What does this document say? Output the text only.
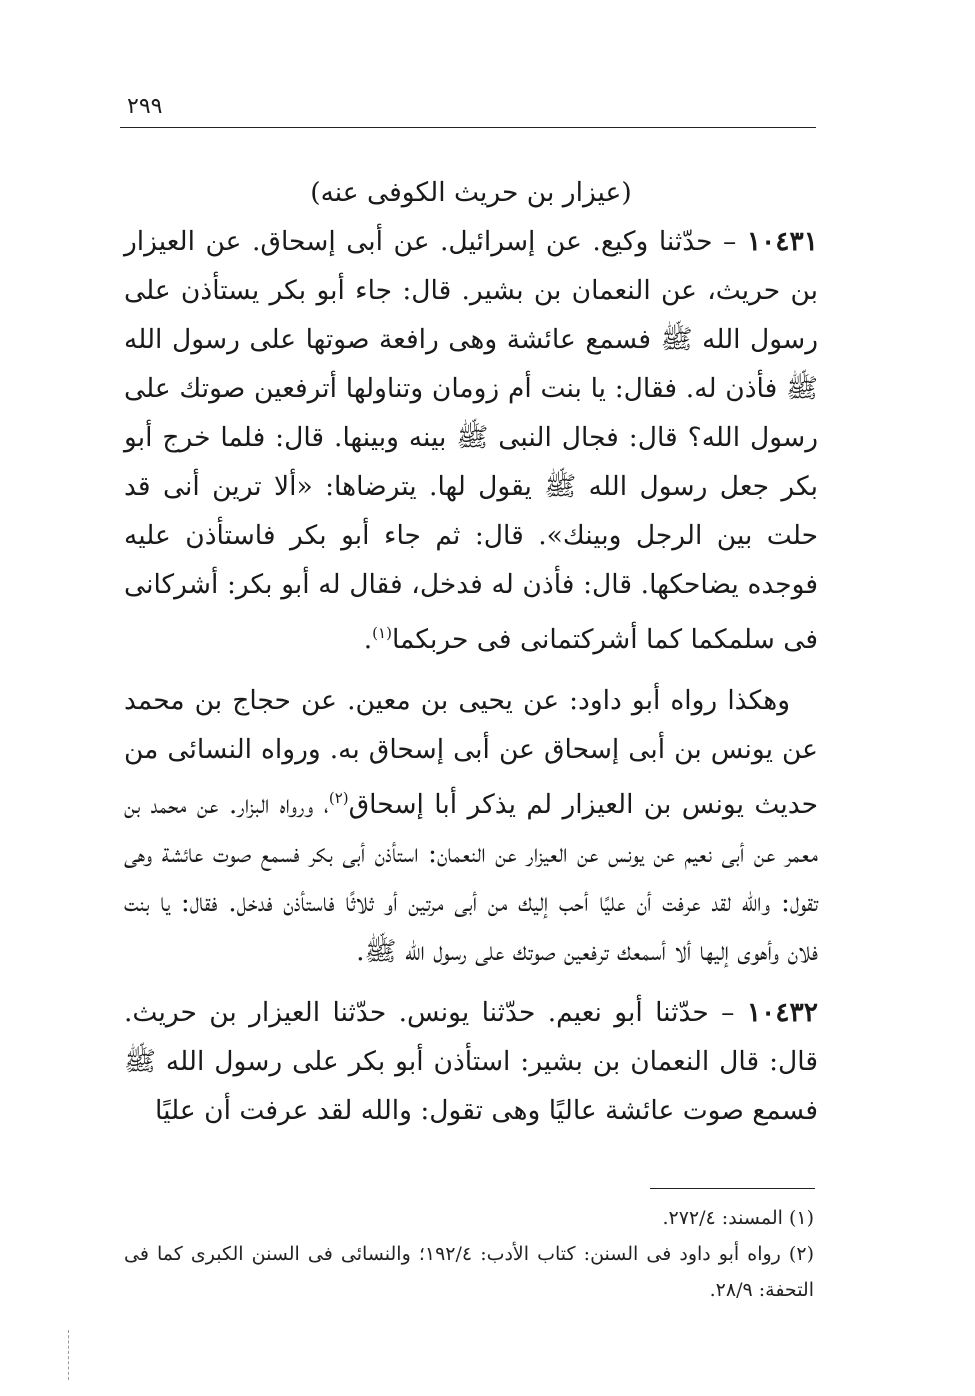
٢٩٩

(عيزار بن حريث الكوفى عنه)

١٠٤٣١ – حدّثنا وكيع. عن إسرائيل. عن أبى إسحاق. عن العيزار بن حريث، عن النعمان بن بشير. قال: جاء أبو بكر يستأذن على رسول الله ﷺ فسمع عائشة وهى رافعة صوتها على رسول الله ﷺ فأذن له. فقال: يا بنت أم زومان وتناولها أترفعين صوتك على رسول الله؟ قال: فجال النبى ﷺ بينه وبينها. قال: فلما خرج أبو بكر جعل رسول الله ﷺ يقول لها. يترضاها: «ألا ترين أنى قد حلت بين الرجل وبينك». قال: ثم جاء أبو بكر فاستأذن عليه فوجده يضاحكها. قال: فأذن له فدخل، فقال له أبو بكر: أشركانى فى سلمكما كما أشركتمانى فى حربكما$^{(١)}$.

وهكذا رواه أبو داود: عن يحيى بن معين. عن حجاج بن محمد عن يونس بن أبى إسحاق عن أبى إسحاق به. ورواه النسائى من حديث يونس بن العيزار لم يذكر أبا إسحاق$^{(٢)}$، ورواه البزار. عن محمد بن معمر عن أبى نعيم عن يونس عن العيزار عن النعمان: استأذن أبى بكر فسمع صوت عائشة وهى تقول: والله لقد عرفت أن عليًا أحب إليك من أبى مرتين أو ثلاثًا فاستأذن فدخل. فقال: يا بنت فلان وأهوى إليها ألا أسمعك ترفعين صوتك على رسول الله ﷺ.

١٠٤٣٢ – حدّثنا أبو نعيم. حدّثنا يونس. حدّثنا العيزار بن حريث. قال: قال النعمان بن بشير: استأذن أبو بكر على رسول الله ﷺ فسمع صوت عائشة عاليًا وهى تقول: والله لقد عرفت أن عليًا

(١) المسند: ٢٧٢/٤.

(٢) رواه أبو داود فى السنن: كتاب الأدب: ١٩٢/٤؛ والنسائى فى السنن الكبرى كما فى التحفة: ٢٨/٩.
